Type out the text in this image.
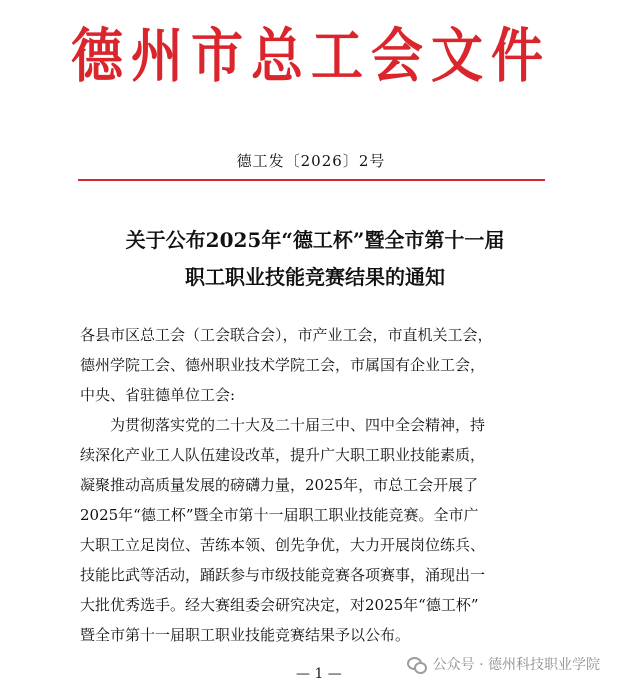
德州市总工会文件
德工发〔2026〕2号
关于公布2025年“德工杯”暨全市第十一届
职工职业技能竞赛结果的通知
各县市区总工会（工会联合会），市产业工会，市直机关工会，
德州学院工会、德州职业技术学院工会，市属国有企业工会，
中央、省驻德单位工会:
为贯彻落实党的二十大及二十届三中、四中全会精神，持
续深化产业工人队伍建设改革，提升广大职工职业技能素质，
凝聚推动高质量发展的磅礴力量，2025年，市总工会开展了
2025年“德工杯”暨全市第十一届职工职业技能竞赛。全市广
大职工立足岗位、苦练本领、创先争优，大力开展岗位练兵、
技能比武等活动，踊跃参与市级技能竞赛各项赛事，涌现出一
大批优秀选手。经大赛组委会研究决定，对2025年“德工杯”
暨全市第十一届职工职业技能竞赛结果予以公布。
公众号 · 德州科技职业学院
— 1 —
